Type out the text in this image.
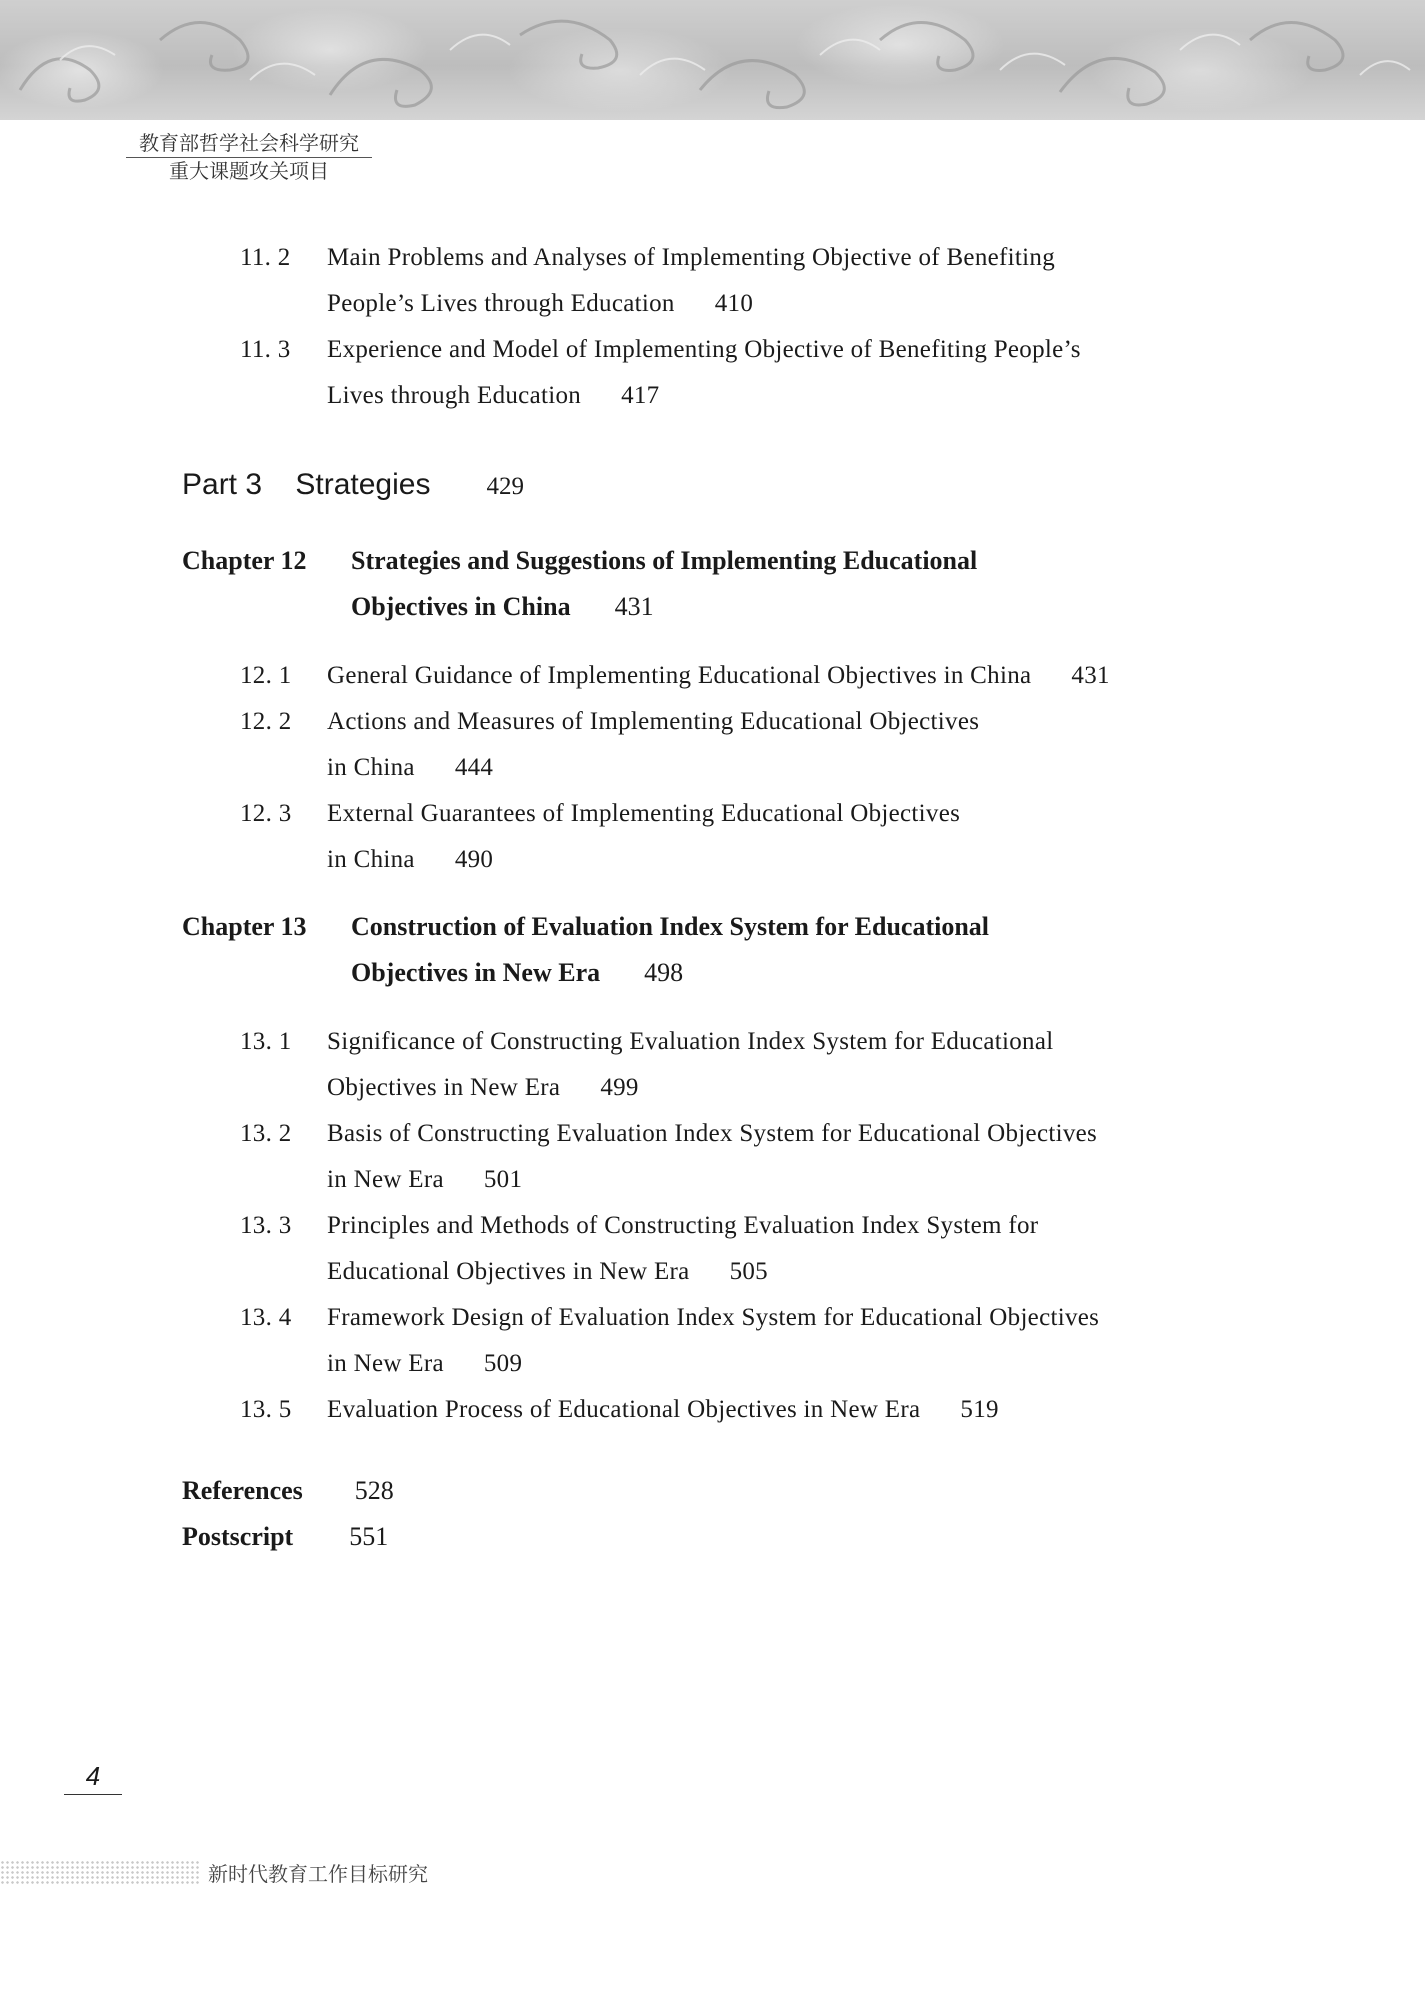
教育部哲学社会科学研究
重大课题攻关项目
11. 2	Main Problems and Analyses of Implementing Objective of Benefiting
People’s Lives through Education 410
11. 3	Experience and Model of Implementing Objective of Benefiting People’s
Lives through Education 417
Part 3 Strategies 429
Chapter 12 Strategies and Suggestions of Implementing Educational
Objectives in China 431
12. 1	General Guidance of Implementing Educational Objectives in China 431
12. 2	Actions and Measures of Implementing Educational Objectives
in China 444
12. 3	External Guarantees of Implementing Educational Objectives
in China 490
Chapter 13 Construction of Evaluation Index System for Educational
Objectives in New Era 498
13. 1	Significance of Constructing Evaluation Index System for Educational
Objectives in New Era 499
13. 2	Basis of Constructing Evaluation Index System for Educational Objectives
in New Era 501
13. 3	Principles and Methods of Constructing Evaluation Index System for
Educational Objectives in New Era 505
13. 4	Framework Design of Evaluation Index System for Educational Objectives
in New Era 509
13. 5	Evaluation Process of Educational Objectives in New Era 519
References 528
Postscript 551
4
新时代教育工作目标研究
